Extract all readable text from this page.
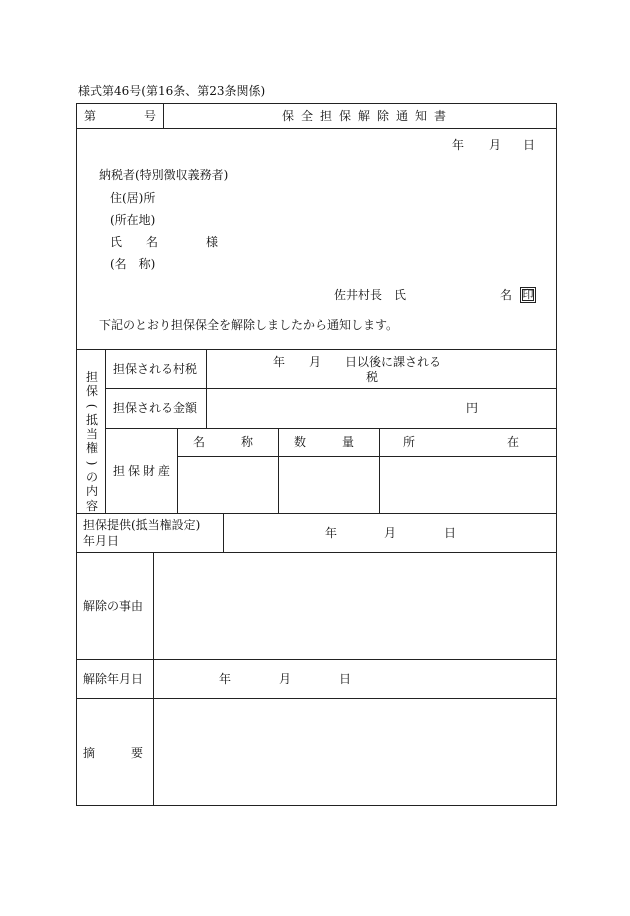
様式第46号(第16条、第23条関係)
第	号	保全担保解除通知書
年 月 日
納税者(特別徴収義務者)
住(居)所
(所在地)
氏 名	様
(名　称)
佐井村長　氏	名 印
下記のとおり担保保全を解除しましたから通知します。
担
保
(
抵
当
権
)
の
内
容
担保される村税	年　　月　　日以後に課される
税
担保される金額	円
担保財産
名　　　称	数　　　量	所　　　　　　　在
担保提供(抵当権設定)
年月日
年	月	日
解除の事由
解除年月日	年	月	日
摘　　　要
